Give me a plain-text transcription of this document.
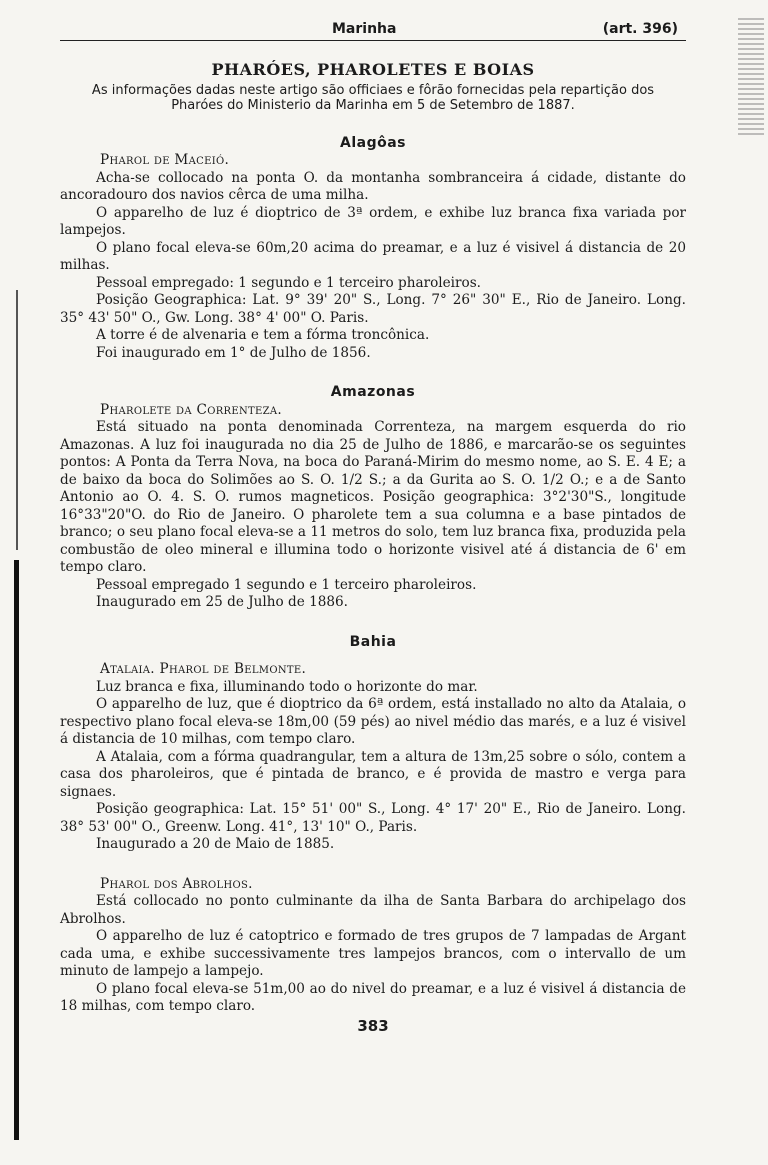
Marinha	(art. 396)
PHARÓES, PHAROLETES E BOIAS
As informações dadas neste artigo são officiaes e fôrão fornecidas pela repartição dos
Pharóes do Ministerio da Marinha em 5 de Setembro de 1887.
Alagôas
Pharol de Maceió.

Acha-se collocado na ponta O. da montanha sombranceira á cidade, distante do ancoradouro dos navios cêrca de uma milha.

O apparelho de luz é dioptrico de 3ª ordem, e exhibe luz branca fixa variada por lampejos.

O plano focal eleva-se 60m,20 acima do preamar, e a luz é visivel á distancia de 20 milhas.

Pessoal empregado: 1 segundo e 1 terceiro pharoleiros.

Posição Geographica: Lat. 9° 39' 20" S., Long. 7° 26" 30" E., Rio de Janeiro. Long. 35° 43' 50" O., Gw. Long. 38° 4' 00" O. Paris.

A torre é de alvenaria e tem a fórma troncônica.

Foi inaugurado em 1° de Julho de 1856.

Amazonas
Pharolete da Correnteza.

Está situado na ponta denominada Correnteza, na margem esquerda do rio Amazonas. A luz foi inaugurada no dia 25 de Julho de 1886, e marcarão-se os seguintes pontos: A Ponta da Terra Nova, na boca do Paraná-Mirim do mesmo nome, ao S. E. 4 E; a de baixo da boca do Solimões ao S. O. 1/2 S.; a da Gurita ao S. O. 1/2 O.; e a de Santo Antonio ao O. 4. S. O. rumos magneticos. Posição geographica: 3°2'30"S., longitude 16°33"20"O. do Rio de Janeiro. O pharolete tem a sua columna e a base pintados de branco; o seu plano focal eleva-se a 11 metros do solo, tem luz branca fixa, produzida pela combustão de oleo mineral e illumina todo o horizonte visivel até á distancia de 6' em tempo claro.

Pessoal empregado 1 segundo e 1 terceiro pharoleiros.

Inaugurado em 25 de Julho de 1886.

Bahia
Atalaia. Pharol de Belmonte.

Luz branca e fixa, illuminando todo o horizonte do mar.

O apparelho de luz, que é dioptrico da 6ª ordem, está installado no alto da Atalaia, o respectivo plano focal eleva-se 18m,00 (59 pés) ao nivel médio das marés, e a luz é visivel á distancia de 10 milhas, com tempo claro.

A Atalaia, com a fórma quadrangular, tem a altura de 13m,25 sobre o sólo, contem a casa dos pharoleiros, que é pintada de branco, e é provida de mastro e verga para signaes.

Posição geographica: Lat. 15° 51' 00" S., Long. 4° 17' 20" E., Rio de Janeiro. Long. 38° 53' 00" O., Greenw. Long. 41°, 13' 10" O., Paris.

Inaugurado a 20 de Maio de 1885.

Pharol dos Abrolhos.

Está collocado no ponto culminante da ilha de Santa Barbara do archipelago dos Abrolhos.

O apparelho de luz é catoptrico e formado de tres grupos de 7 lampadas de Argant cada uma, e exhibe successivamente tres lampejos brancos, com o intervallo de um minuto de lampejo a lampejo.

O plano focal eleva-se 51m,00 ao do nivel do preamar, e a luz é visivel á distancia de 18 milhas, com tempo claro.

383
